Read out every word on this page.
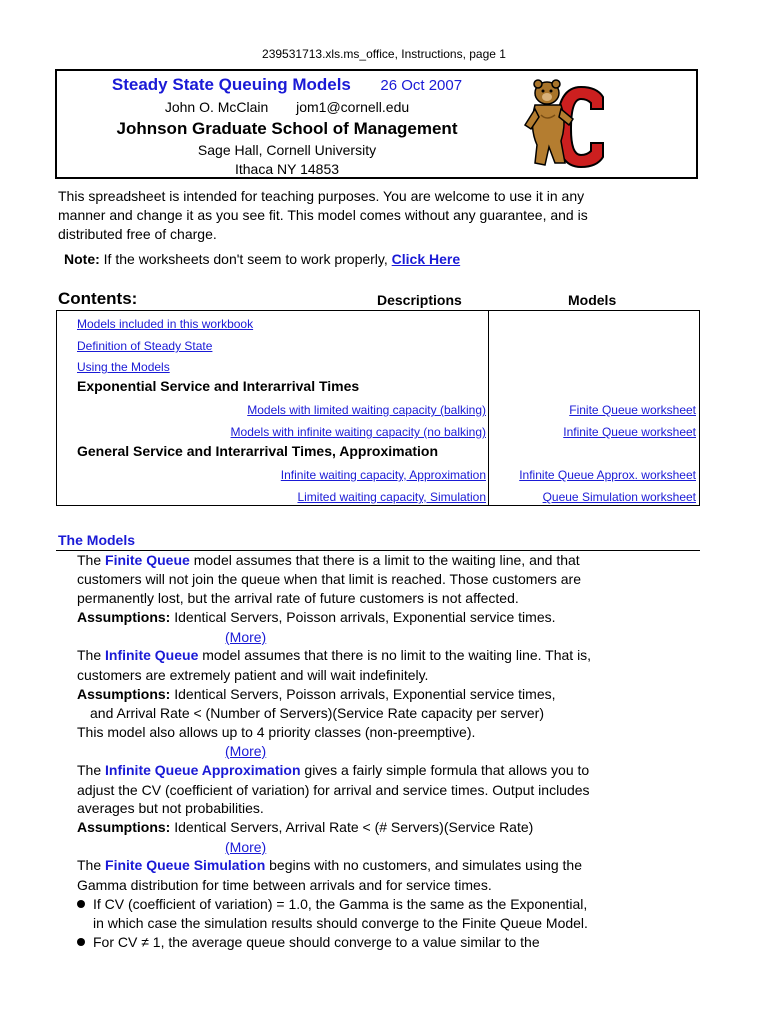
239531713.xls.ms_office, Instructions, page 1
Steady State Queuing Models 26 Oct 2007
John O. McClain jom1@cornell.edu
Johnson Graduate School of Management
Sage Hall, Cornell University
Ithaca NY 14853
This spreadsheet is intended for teaching purposes. You are welcome to use it in any
manner and change it as you see fit. This model comes without any guarantee, and is
distributed free of charge.
Note: If the worksheets don't seem to work properly, Click Here
Contents:	Descriptions	Models
Models included in this workbook
Definition of Steady State
Using the Models
Exponential Service and Interarrival Times
Models with limited waiting capacity (balking)	Finite Queue worksheet
Models with infinite waiting capacity (no balking)	Infinite Queue worksheet
General Service and Interarrival Times, Approximation
Infinite waiting capacity, Approximation	Infinite Queue Approx. worksheet
Limited waiting capacity, Simulation	Queue Simulation worksheet
The Models
The Finite Queue model assumes that there is a limit to the waiting line, and that
customers will not join the queue when that limit is reached. Those customers are
permanently lost, but the arrival rate of future customers is not affected.
Assumptions: Identical Servers, Poisson arrivals, Exponential service times.
(More)
The Infinite Queue model assumes that there is no limit to the waiting line. That is,
customers are extremely patient and will wait indefinitely.
Assumptions: Identical Servers, Poisson arrivals, Exponential service times,
and Arrival Rate < (Number of Servers)(Service Rate capacity per server)
This model also allows up to 4 priority classes (non-preemptive).
(More)
The Infinite Queue Approximation gives a fairly simple formula that allows you to
adjust the CV (coefficient of variation) for arrival and service times. Output includes
averages but not probabilities.
Assumptions: Identical Servers, Arrival Rate < (# Servers)(Service Rate)
(More)
The Finite Queue Simulation begins with no customers, and simulates using the
Gamma distribution for time between arrivals and for service times.
If CV (coefficient of variation) = 1.0, the Gamma is the same as the Exponential,
in which case the simulation results should converge to the Finite Queue Model.
For CV ≠ 1, the average queue should converge to a value similar to the
